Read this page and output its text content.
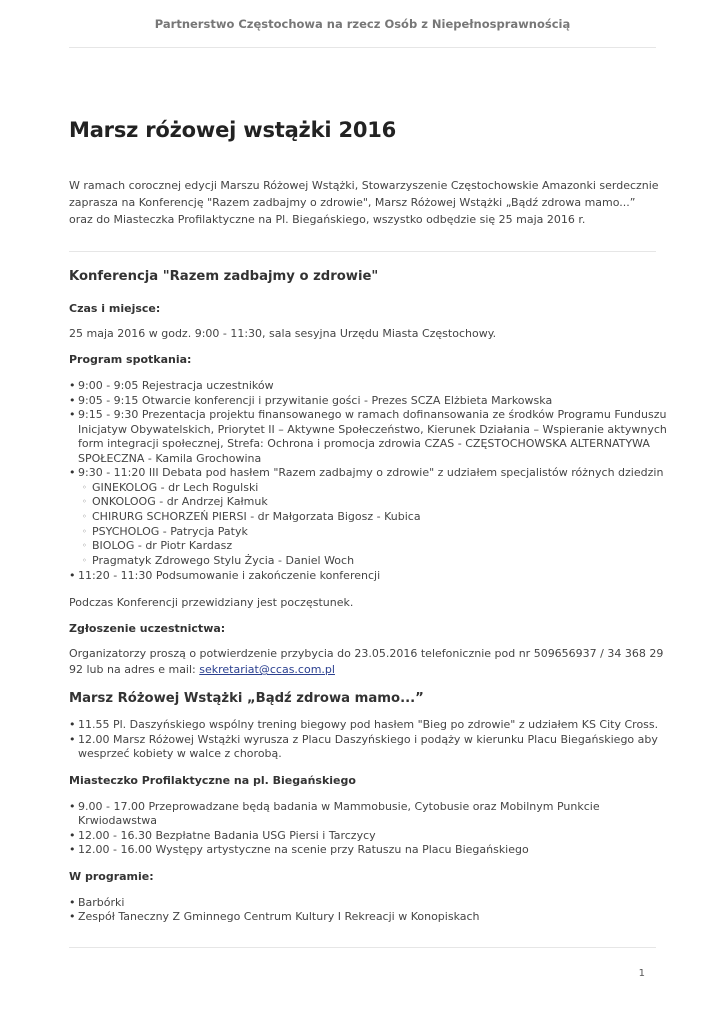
Partnerstwo Częstochowa na rzecz Osób z Niepełnosprawnością
Marsz różowej wstążki 2016

W ramach corocznej edycji Marszu Różowej Wstążki, Stowarzyszenie Częstochowskie Amazonki serdecznie zaprasza na Konferencję "Razem zadbajmy o zdrowie", Marsz Różowej Wstążki „Bądź zdrowa mamo...” oraz do Miasteczka Profilaktyczne na Pl. Biegańskiego, wszystko odbędzie się 25 maja 2016 r.

Konferencja "Razem zadbajmy o zdrowie"
Czas i miejsce:

25 maja 2016 w godz. 9:00 - 11:30, sala sesyjna Urzędu Miasta Częstochowy.

Program spotkania:
• 9:00 - 9:05 Rejestracja uczestników
• 9:05 - 9:15 Otwarcie konferencji i przywitanie gości - Prezes SCZA Elżbieta Markowska
• 9:15 - 9:30 Prezentacja projektu finansowanego w ramach dofinansowania ze środków Programu Funduszu Inicjatyw Obywatelskich, Priorytet II – Aktywne Społeczeństwo, Kierunek Działania – Wspieranie aktywnych form integracji społecznej, Strefa: Ochrona i promocja zdrowia CZAS - CZĘSTOCHOWSKA ALTERNATYWA SPOŁECZNA - Kamila Grochowina
• 9:30 - 11:20 III Debata pod hasłem "Razem zadbajmy o zdrowie" z udziałem specjalistów różnych dziedzin
◦ GINEKOLOG - dr Lech Rogulski
◦ ONKOLOOG - dr Andrzej Kałmuk
◦ CHIRURG SCHORZEŃ PIERSI - dr Małgorzata Bigosz - Kubica
◦ PSYCHOLOG - Patrycja Patyk
◦ BIOLOG - dr Piotr Kardasz
◦ Pragmatyk Zdrowego Stylu Życia - Daniel Woch
• 11:20 - 11:30 Podsumowanie i zakończenie konferencji

Podczas Konferencji przewidziany jest poczęstunek.

Zgłoszenie uczestnictwa:

Organizatorzy proszą o potwierdzenie przybycia do 23.05.2016 telefonicznie pod nr 509656937 / 34 368 29 92 lub na adres e mail: sekretariat@ccas.com.pl

Marsz Różowej Wstążki „Bądź zdrowa mamo...”
• 11.55 Pl. Daszyńskiego wspólny trening biegowy pod hasłem "Bieg po zdrowie" z udziałem KS City Cross.
• 12.00 Marsz Różowej Wstążki wyrusza z Placu Daszyńskiego i podąży w kierunku Placu Biegańskiego aby wesprzeć kobiety w walce z chorobą.
Miasteczko Profilaktyczne na pl. Biegańskiego
• 9.00 - 17.00 Przeprowadzane będą badania w Mammobusie, Cytobusie oraz Mobilnym Punkcie Krwiodawstwa
• 12.00 - 16.30 Bezpłatne Badania USG Piersi i Tarczycy
• 12.00 - 16.00 Występy artystyczne na scenie przy Ratuszu na Placu Biegańskiego
W programie:
• Barbórki
• Zespół Taneczny Z Gminnego Centrum Kultury I Rekreacji w Konopiskach
1
